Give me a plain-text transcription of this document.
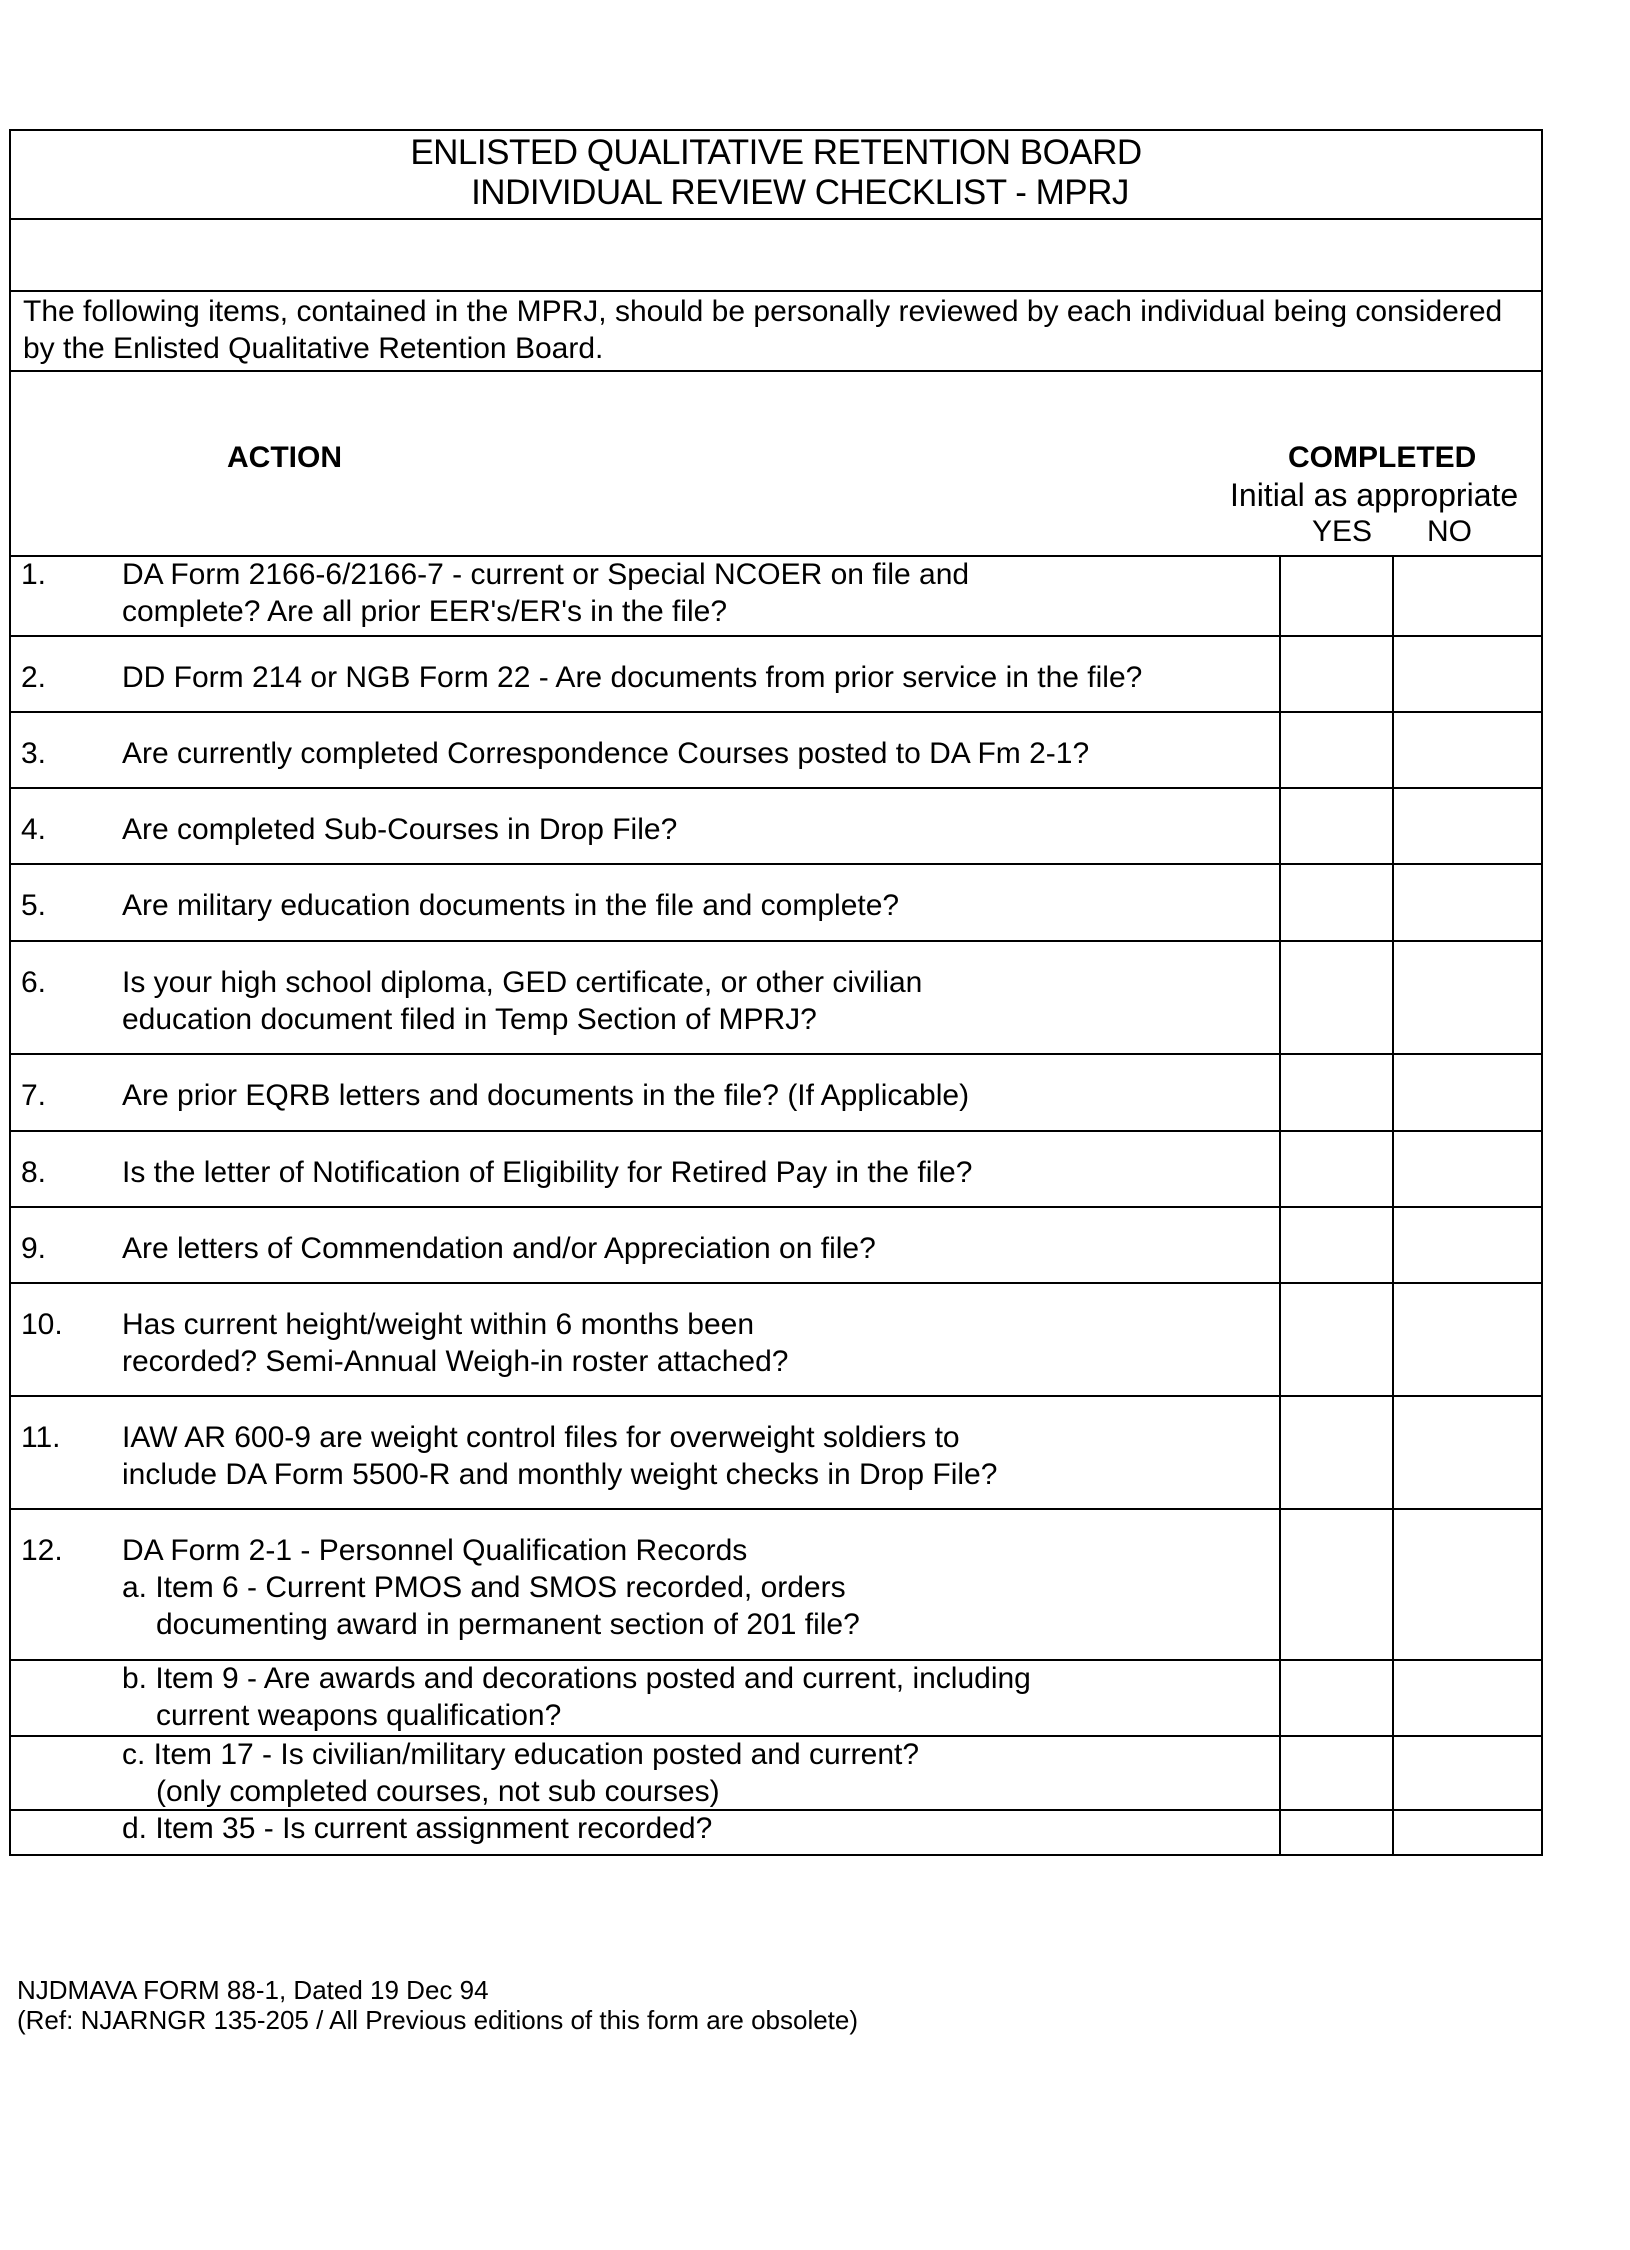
ENLISTED QUALITATIVE RETENTION BOARD
INDIVIDUAL REVIEW CHECKLIST - MPRJ
The following items, contained in the MPRJ, should be personally reviewed by each individual being considered by the Enlisted Qualitative Retention Board.
ACTION	COMPLETED
Initial as appropriate
YES NO
1.	DA Form 2166-6/2166-7 - current or Special NCOER on file and
complete? Are all prior EER's/ER's in the file?
2.	DD Form 214 or NGB Form 22 - Are documents from prior service in the file?
3.	Are currently completed Correspondence Courses posted to DA Fm 2-1?
4.	Are completed Sub-Courses in Drop File?
5.	Are military education documents in the file and complete?
6.	Is your high school diploma, GED certificate, or other civilian
education document filed in Temp Section of MPRJ?
7.	Are prior EQRB letters and documents in the file? (If Applicable)
8.	Is the letter of Notification of Eligibility for Retired Pay in the file?
9.	Are letters of Commendation and/or Appreciation on file?
10. Has current height/weight within 6 months been
recorded? Semi-Annual Weigh-in roster attached?
11. IAW AR 600-9 are weight control files for overweight soldiers to
include DA Form 5500-R and monthly weight checks in Drop File?
12. DA Form 2-1 - Personnel Qualification Records
a. Item 6 - Current PMOS and SMOS recorded, orders
documenting award in permanent section of 201 file?
b. Item 9 - Are awards and decorations posted and current, including
current weapons qualification?
c. Item 17 - Is civilian/military education posted and current?
(only completed courses, not sub courses)
d. Item 35 - Is current assignment recorded?
NJDMAVA FORM 88-1, Dated 19 Dec 94
(Ref: NJARNGR 135-205 / All Previous editions of this form are obsolete)
